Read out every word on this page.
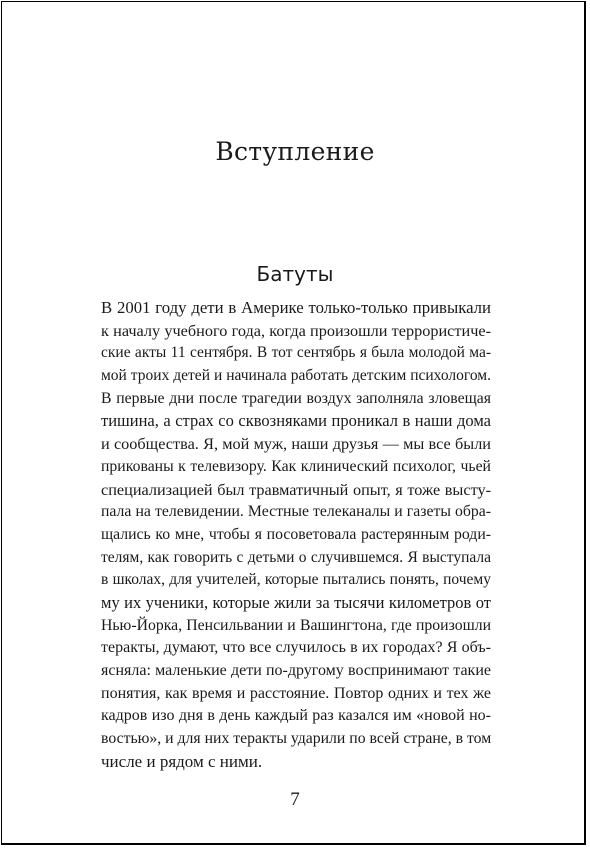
Вступление
Батуты
В 2001 году дети в Америке только-только привыкали
к началу учебного года, когда произошли террористиче-
ские акты 11 сентября. В тот сентябрь я была молодой ма-
мой троих детей и начинала работать детским психологом.
В первые дни после трагедии воздух заполняла зловещая
тишина, а страх со сквозняками проникал в наши дома
и сообщества. Я, мой муж, наши друзья — мы все были
прикованы к телевизору. Как клинический психолог, чьей
специализацией был травматичный опыт, я тоже высту-
пала на телевидении. Местные телеканалы и газеты обра-
щались ко мне, чтобы я посоветовала растерянным роди-
телям, как говорить с детьми о случившемся. Я выступала
в школах, для учителей, которые пытались понять, почему
му их ученики, которые жили за тысячи километров от
Нью-Йорка, Пенсильвании и Вашингтона, где произошли
теракты, думают, что все случилось в их городах? Я объ-
ясняла: маленькие дети по-другому воспринимают такие
понятия, как время и расстояние. Повтор одних и тех же
кадров изо дня в день каждый раз казался им «новой но-
востью», и для них теракты ударили по всей стране, в том
числе и рядом с ними.
7
